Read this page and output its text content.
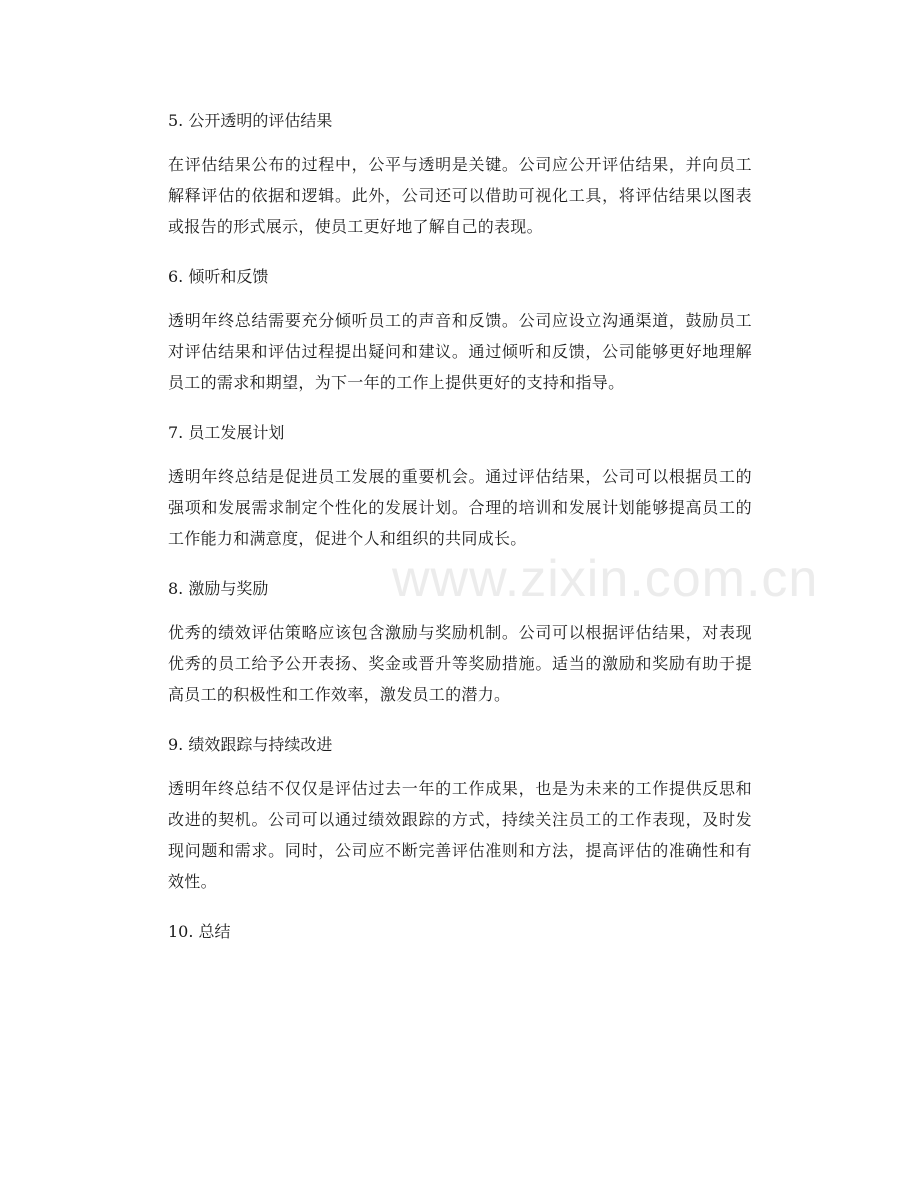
www.zixin.com.cn
5. 公开透明的评估结果

在评估结果公布的过程中，公平与透明是关键。公司应公开评估结果，并向员工解释评估的依据和逻辑。此外，公司还可以借助可视化工具，将评估结果以图表或报告的形式展示，使员工更好地了解自己的表现。

6. 倾听和反馈

透明年终总结需要充分倾听员工的声音和反馈。公司应设立沟通渠道，鼓励员工对评估结果和评估过程提出疑问和建议。通过倾听和反馈，公司能够更好地理解员工的需求和期望，为下一年的工作上提供更好的支持和指导。

7. 员工发展计划

透明年终总结是促进员工发展的重要机会。通过评估结果，公司可以根据员工的强项和发展需求制定个性化的发展计划。合理的培训和发展计划能够提高员工的工作能力和满意度，促进个人和组织的共同成长。

8. 激励与奖励

优秀的绩效评估策略应该包含激励与奖励机制。公司可以根据评估结果，对表现优秀的员工给予公开表扬、奖金或晋升等奖励措施。适当的激励和奖励有助于提高员工的积极性和工作效率，激发员工的潜力。

9. 绩效跟踪与持续改进

透明年终总结不仅仅是评估过去一年的工作成果，也是为未来的工作提供反思和改进的契机。公司可以通过绩效跟踪的方式，持续关注员工的工作表现，及时发现问题和需求。同时，公司应不断完善评估准则和方法，提高评估的准确性和有效性。

10. 总结
